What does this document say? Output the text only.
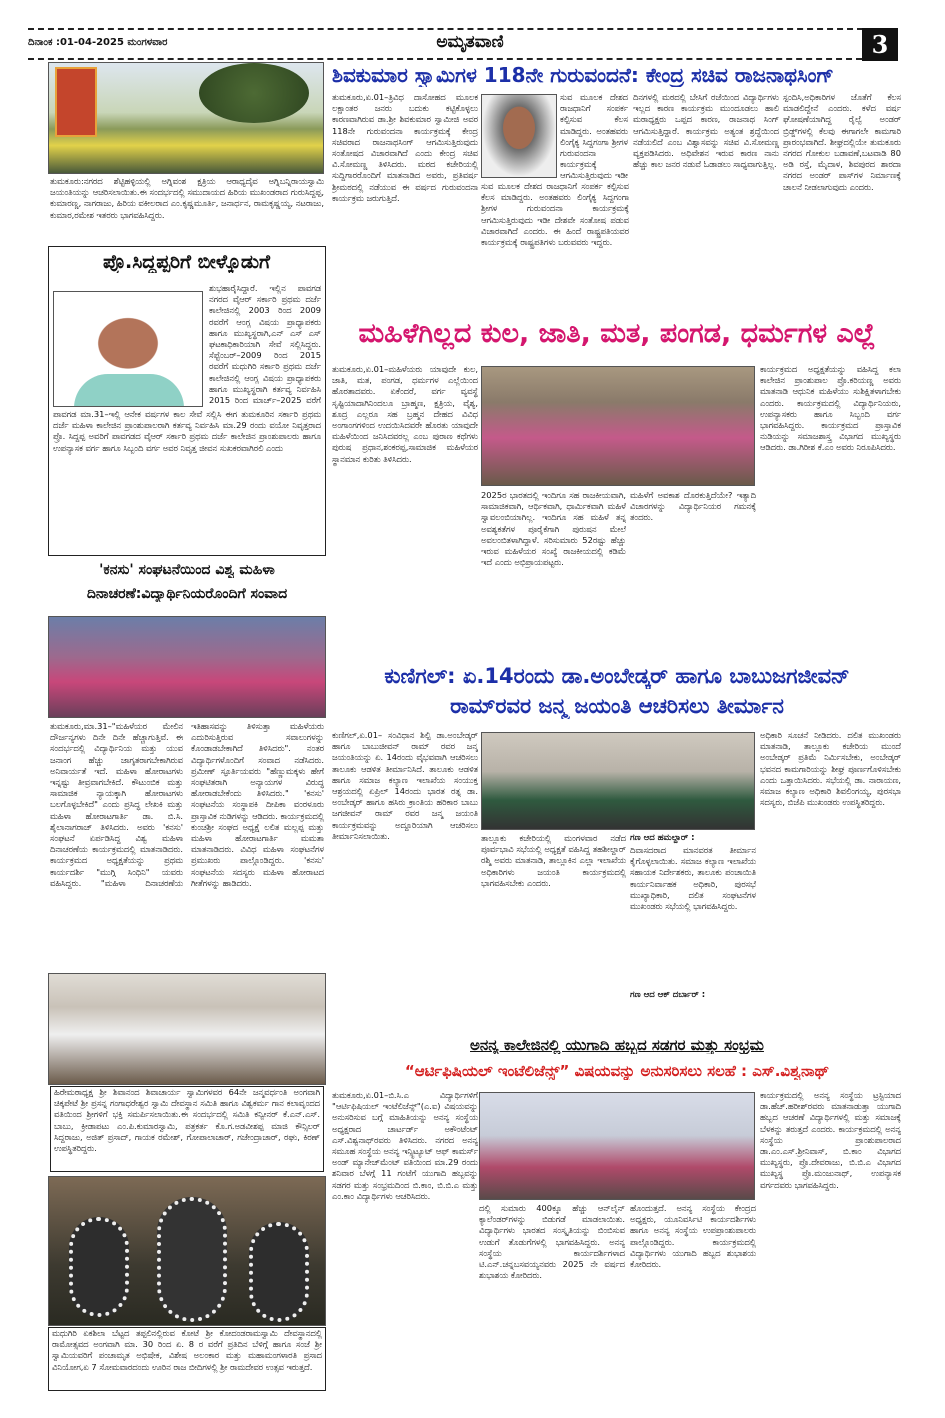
ದಿನಾಂಕ :01-04-2025 ಮಂಗಳವಾರ	ಅಮೃತವಾಣಿ	3
ತುಮಕೂರು:ನಗರದ ಶೆಟ್ಟಿಹಳ್ಳಿಯಲ್ಲಿ ಅಗ್ನಿವಂಶ ಕ್ಷತ್ರಿಯ ಆರಾಧ್ಯದೈವ ಅಗ್ನಿಬನ್ನಿರಾಯಸ್ವಾಮಿ ಜಯಂತಿಯನ್ನು ಆಚರಿಸಲಾಯಿತು.ಈ ಸಂದರ್ಭದಲ್ಲಿ ಸಮುದಾಯದ ಹಿರಿಯ ಮುಖಂಡರಾದ ಗುರುಸಿದ್ದಪ್ಪ, ಕುಮಾರಣ್ಣ, ನಾಗರಾಜು, ಹಿರಿಯ ವಕೀಲರಾದ ಎಂ.ಕೃಷ್ಣಮೂರ್ತಿ, ಜನಾರ್ಧನ, ರಾಮಕೃಷ್ಣಯ್ಯ, ನಟರಾಜು, ಕುಮಾರ,ರಮೇಶ ಇತರರು ಭಾಗವಹಿಸಿದ್ದರು.
ಪ್ರೊ.ಸಿದ್ದಪ್ಪರಿಗೆ ಬೀಳ್ಕೊಡುಗೆ
ಶುಭಹಾರೈಸಿದ್ದಾರೆ. ಇಲ್ಲಿನ ಪಾವಗಡ ನಗರದ ವೈಆರ್ ಸರ್ಕಾರಿ ಪ್ರಥಮ ದರ್ಜೆ ಕಾಲೇಜಿನಲ್ಲಿ 2003 ರಿಂದ 2009 ರವರೆಗೆ ಆಂಗ್ಲ ವಿಷಯ ಪ್ರಾಧ್ಯಾಪಕರು ಹಾಗೂ ಮುಖ್ಯಸ್ಥರಾಗಿ,ಎನ್ ಎಸ್ ಎಸ್ ಘಟಕಾಧಿಕಾರಿಯಾಗಿ ಸೇವೆ ಸಲ್ಲಿಸಿದ್ದರು. ಸೆಪ್ಟೆಂಬರ್–2009 ರಿಂದ 2015 ರವರೆಗೆ ಮಧುಗಿರಿ ಸರ್ಕಾರಿ ಪ್ರಥಮ ದರ್ಜೆ ಕಾಲೇಜಿನಲ್ಲಿ ಆಂಗ್ಲ ವಿಷಯ ಪ್ರಾಧ್ಯಾಪಕರು ಹಾಗೂ ಮುಖ್ಯಸ್ಥರಾಗಿ ಕರ್ತವ್ಯ ನಿರ್ವಹಿಸಿ 2015 ರಿಂದ ಮಾರ್ಚ್–2025 ವರೆಗೆ
ಪಾವಗಡ ಮಾ.31–ಇಲ್ಲಿ ಆನೇಕ ವರ್ಷಗಳ ಕಾಲ ಸೇವೆ ಸಲ್ಲಿಸಿ ಈಗ ತುಮಕೂರಿನ ಸರ್ಕಾರಿ ಪ್ರಥಮ ದರ್ಜೆ ಮಹಿಳಾ ಕಾಲೇಜಿನ ಪ್ರಾಂಶುಪಾಲರಾಗಿ ಕರ್ತವ್ಯ ನಿರ್ವಹಿಸಿ ಮಾ.29 ರಂದು ವಯೋ ನಿವೃತ್ತರಾದ ಪ್ರೊ. ಸಿದ್ದಪ್ಪ ಅವರಿಗೆ ಪಾವಗಡದ ವೈಆರ್ ಸರ್ಕಾರಿ ಪ್ರಥಮ ದರ್ಜೆ ಕಾಲೇಜಿನ ಪ್ರಾಂಶುಪಾಲರು ಹಾಗೂ ಉಪನ್ಯಾಸಕ ವರ್ಗ ಹಾಗೂ ಸಿಬ್ಬಂದಿ ವರ್ಗ ಅವರ ನಿವೃತ್ತ ಜೀವನ ಸುಖಕರವಾಗಿರಲಿ ಎಂದು
'ಕನಸು' ಸಂಘಟನೆಯಿಂದ ವಿಶ್ವ ಮಹಿಳಾ
ದಿನಾಚರಣೆ:ವಿದ್ಯಾರ್ಥಿನಿಯರೊಂದಿಗೆ ಸಂವಾದ
ತುಮಕೂರು,ಮಾ.31–"ಮಹಿಳೆಯರ ಮೇಲಿನ ದೌರ್ಜನ್ಯಗಳು ದಿನೇ ದಿನೇ ಹೆಚ್ಚಾಗುತ್ತಿವೆ. ಈ ಸಂದರ್ಭದಲ್ಲಿ ವಿದ್ಯಾರ್ಥಿನಿಯ ಮತ್ತು ಯುವ ಜನಾಂಗ ಹೆಚ್ಚು ಜಾಗೃತರಾಗಬೇಕಾಗಿರುವ ಅನಿವಾರ್ಯತೆ ಇದೆ. ಮಹಿಳಾ ಹೋರಾಟಗಳು ಇನ್ನಷ್ಟು ತೀವ್ರವಾಗಬೇಕಿದೆ. ಕೌಟುಂಬಿಕ ಮತ್ತು ಸಾಮಾಜಿಕ ನ್ಯಾಯಕ್ಕಾಗಿ ಹೋರಾಟಗಳು ಬಲಗೊಳ್ಳಬೇಕಿದೆ" ಎಂದು ಪ್ರಸಿದ್ಧ ಲೇಖಕಿ ಮತ್ತು ಮಹಿಳಾ ಹೋರಾಟಗಾರ್ತಿ ಡಾ. ಬಿ.ಸಿ. ಶೈಲಾನಾಗರಾಜ್ ತಿಳಿಸಿದರು. ಅವರು 'ಕನಸು' ಸಂಘಟನೆ ಏರ್ಪಡಿಸಿದ್ದ ವಿಶ್ವ ಮಹಿಳಾ ದಿನಾಚರಣೆಯ ಕಾರ್ಯಕ್ರಮದಲ್ಲಿ ಮಾತನಾಡಿದರು. ಕಾರ್ಯಕ್ರಮದ ಅಧ್ಯಕ್ಷತೆಯನ್ನು ಪ್ರಥಮ ಕಾರ್ಯದರ್ಶಿ "ಮುಗ್ಗಿ ಸಿಂಧಿನಿ" ಯವರು ವಹಿಸಿದ್ದರು. "ಮಹಿಳಾ ದಿನಾಚರಣೆಯ ಇತಿಹಾಸವನ್ನು ತಿಳಿಸುತ್ತಾ ಮಹಿಳೆಯರು ಎದುರಿಸುತ್ತಿರುವ ಸವಾಲುಗಳನ್ನು ಕೊಂಡಾಡಬೇಕಾಗಿದೆ ತಿಳಿಸಿದರು". ನಂತರ ವಿದ್ಯಾರ್ಥಿಗಳೊಂದಿಗೆ ಸಂವಾದ ನಡೆಸಿದರು. ಪ್ರಮೀಣ್ ಸ್ಫೂರ್ತಿಯವರು "ಹೆಣ್ಣುಮಕ್ಕಳು ಹೇಗೆ ಸಂಘಟಿತರಾಗಿ ಅನ್ಯಾಯಗಳ ವಿರುದ್ಧ ಹೋರಾಡಬೇಕೆಂದು ತಿಳಿಸಿದರು." 'ಕನಸು' ಸಂಘಟನೆಯ ಸಂಸ್ಥಾಪಕಿ ದೀಪಿಕಾ ವಂರಳೂರು ಪ್ರಾಸ್ತಾವಿಕ ನುಡಿಗಳನ್ನು ಆಡಿದರು. ಕಾರ್ಯಕ್ರಮದಲ್ಲಿ ಕುಂಚಶ್ರೀ ಸಂಘದ ಅಧ್ಯಕ್ಷೆ ಲಲಿತ ಮಲ್ಲಪ್ಪ ಮತ್ತು ಮಹಿಳಾ ಹೋರಾಟಗಾರ್ತಿ ಮಮತಾ ಮಾತನಾಡಿದರು. ವಿವಿಧ ಮಹಿಳಾ ಸಂಘಟನೆಗಳ ಪ್ರಮುಖರು ಪಾಲ್ಗೊಂಡಿದ್ದರು. 'ಕನಸು' ಸಂಘಟನೆಯ ಸದಸ್ಯರು ಮಹಿಳಾ ಹೋರಾಟದ ಗೀತೆಗಳನ್ನು ಹಾಡಿದರು.
ಹಿರೇಮಠಾಧ್ಯಕ್ಷ ಶ್ರೀ ಶಿವಾನಂದ ಶಿವಾಚಾರ್ಯ ಸ್ವಾಮಿಗಳವರ 64ನೇ ಜನ್ಮವರ್ಧಂತಿ ಅಂಗವಾಗಿ ಚಿಕ್ಕಪೇಟೆ ಶ್ರೀ ಪ್ರಸನ್ನ ಗಂಗಾಧರೇಶ್ವರ ಸ್ವಾಮಿ ದೇವಸ್ಥಾನ ಸಮಿತಿ ಹಾಗೂ ವಿಶ್ವಕರ್ಮ ಗಾನ ಕಲಾವೃಂದದ ವತಿಯಿಂದ ಶ್ರೀಗಳಿಗೆ ಭಕ್ತಿ ಸಮರ್ಪಿಸಲಾಯಿತು.ಈ ಸಂದರ್ಭದಲ್ಲಿ ಸಮಿತಿ ಕನ್ವೀನರ್ ಕೆ.ಎನ್.ಎಸ್. ಬಾಬು, ಕ್ರೀಡಾಪಟು ಎಂ.ಪಿ.ಕುಮಾರಸ್ವಾಮಿ, ಪತ್ರಕರ್ತ ಕೊ.ಗ.ಅಡವೀಶಪ್ಪ ಮಾಜಿ ಕೌನ್ಸಿಲರ್ ಸಿದ್ದರಾಜು, ಅಜಿತ್ ಪ್ರಸಾದ್, ಗಾಯಕ ರಮೇಶ್, ಗೋಪಾಲಾಚಾರ್, ಗಜೇಂದ್ರಾಚಾರ್, ರಘು, ಕಿರಣ್ ಉಪಸ್ಥಿತರಿದ್ದರು.
ಮಧುಗಿರಿ ಏಕಶಿಲಾ ಬೆಟ್ಟದ ತಪ್ಪಲಿನಲ್ಲಿರುವ ಕೋಟೆ ಶ್ರೀ ಕೋದಂಡರಾಮಸ್ವಾಮಿ ದೇವಸ್ಥಾನದಲ್ಲಿ ರಾಮೋತ್ಸವದ ಅಂಗವಾಗಿ ಮಾ. 30 ರಿಂದ ಏ. 8 ರ ವರೆಗೆ ಪ್ರತಿದಿನ ಬೆಳಿಗ್ಗೆ ಹಾಗೂ ಸಂಜೆ ಶ್ರೀ ಸ್ವಾಮಿಯವರಿಗೆ ಪಂಚಾಮೃತ ಅಭಿಷೇಕ, ವಿಶೇಷ ಅಲಂಕಾರ ಮತ್ತು ಮಹಾಮಂಗಳಾರತಿ ಪ್ರಸಾದ ವಿನಿಯೋಗ,ಏ 7 ಸೋಮವಾರದಂದು ಊರಿನ ರಾಜ ಬೀದಿಗಳಲ್ಲಿ ಶ್ರೀ ರಾಮದೇವರ ಉತ್ಸವ ಇರುತ್ತದೆ.
ಶಿವಕುಮಾರ ಸ್ವಾಮಿಗಳ 118ನೇ ಗುರುವಂದನೆ: ಕೇಂದ್ರ ಸಚಿವ ರಾಜನಾಥಸಿಂಗ್
ತುಮಕೂರು,ಏ.01–ತ್ರಿವಿಧ ದಾಸೋಹದ ಮೂಲಕ ಲಕ್ಷಾಂತರ ಜನರು ಬದುಕು ಕಟ್ಟಿಕೊಳ್ಳಲು ಕಾರಣವಾಗಿರುವ ಡಾ.ಶ್ರೀ ಶಿವಕುಮಾರ ಸ್ವಾಮೀಜಿ ಅವರ 118ನೇ ಗುರುವಂದನಾ ಕಾರ್ಯಕ್ರಮಕ್ಕೆ ಕೇಂದ್ರ ಸಚಿವರಾದ ರಾಜನಾಥಸಿಂಗ್ ಆಗಮಿಸುತ್ತಿರುವುದು ಸಂತೋಷದ ವಿಚಾರವಾಗಿದೆ ಎಂದು ಕೇಂದ್ರ ಸಚಿವ ವಿ.ಸೋಮಣ್ಣ ತಿಳಿಸಿದರು. ಮಠದ ಕಚೇರಿಯಲ್ಲಿ ಸುದ್ದಿಗಾರರೊಂದಿಗೆ ಮಾತನಾಡಿದ ಅವರು, ಪ್ರತಿವರ್ಷ ಶ್ರೀಮಠದಲ್ಲಿ ನಡೆಯುವ ಈ ವರ್ಷದ ಗುರುವಂದನಾ ಕಾರ್ಯಕ್ರಮ ಜರುಗುತ್ತಿದೆ.
ಸುವ ಮೂಲಕ ದೇಶದ ರಾಜಧಾನಿಗೆ ಸಂಪರ್ಕ ಕಲ್ಪಿಸುವ ಕೆಲಸ ಮಾಡಿದ್ದರು. ಅಂತಹವರು ಲಿಂಗೈಕ್ಯ ಸಿದ್ದಗಂಗಾ ಶ್ರೀಗಳ ಗುರುವಂದನಾ ಕಾರ್ಯಕ್ರಮಕ್ಕೆ ಆಗಮಿಸುತ್ತಿರುವುದು ಇಡೀ
ಸುವ ಮೂಲಕ ದೇಶದ ರಾಜಧಾನಿಗೆ ಸಂಪರ್ಕ ಕಲ್ಪಿಸುವ ಕೆಲಸ ಮಾಡಿದ್ದರು. ಅಂತಹವರು ಲಿಂಗೈಕ್ಯ ಸಿದ್ದಗಂಗಾ ಶ್ರೀಗಳ ಗುರುವಂದನಾ ಕಾರ್ಯಕ್ರಮಕ್ಕೆ ಆಗಮಿಸುತ್ತಿರುವುದು ಇಡೀ ದೇಶವೇ ಸಂತೋಷ ಪಡುವ ವಿಚಾರವಾಗಿದೆ ಎಂದರು. ಈ ಹಿಂದೆ ರಾಷ್ಟ್ರಪತಿಯವರ ಕಾರ್ಯಕ್ರಮಕ್ಕೆ ರಾಷ್ಟ್ರಪತಿಗಳು ಬರುವವರು ಇದ್ದರು.
ದಿನಗಳಲ್ಲಿ ಮಠದಲ್ಲಿ ಬೇಸಿಗೆ ರಜೆಯಿಂದ ವಿದ್ಯಾರ್ಥಿಗಳು ಇಲ್ಲದ ಕಾರಣ ಕಾರ್ಯಕ್ರಮ ಮುಂದೂಡಲು ಹಾಲಿ ಮಠಾಧ್ಯಕ್ಷರು ಒಪ್ಪದ ಕಾರಣ, ರಾಜನಾಥ ಸಿಂಗ್ ಆಗಮಿಸುತ್ತಿದ್ದಾರೆ. ಕಾರ್ಯಕ್ರಮ ಅತ್ಯಂತ ಶ್ರದ್ಧೆಯಿಂದ ನಡೆಯಲಿದೆ ಎಂಬ ವಿಶ್ವಾಸವನ್ನು ಸಚಿವ ವಿ.ಸೋಮಣ್ಣ ವ್ಯಕ್ತಪಡಿಸಿದರು. ಅಧಿವೇಶನ ಇರುವ ಕಾರಣ ನಾನು ಹೆಚ್ಚು ಕಾಲ ಜನರ ನಡುವೆ ಓಡಾಡಲು ಸಾಧ್ಯವಾಗುತ್ತಿಲ್ಲ.
ಸ್ಪಂದಿಸಿ,ಅಧಿಕಾರಿಗಳ ಜೊತೆಗೆ ಕೆಲಸ ಮಾಡಲಿದ್ದೇನೆ ಎಂದರು. ಕಳೆದ ವರ್ಷ ಘೋಷಣೆಯಾಗಿದ್ದ ರೈಲ್ವೆ ಅಂಡರ್ ಬ್ರಿಡ್ಜ್‌ಗಳಲ್ಲಿ ಕೆಲವು ಈಗಾಗಲೇ ಕಾಮಗಾರಿ ಪ್ರಾರಂಭವಾಗಿದೆ. ಶೀಘ್ರದಲ್ಲಿಯೇ ತುಮಕೂರು ನಗರದ ಗೋಕುಲ ಬಡಾವಣೆ,ಬಟವಾಡಿ 80 ಅಡಿ ರಸ್ತೆ, ಮೈದಾಳ, ಶಿವಪುರದ ಶಾರದಾ ನಗರದ ಅಂಡರ್ ಪಾಸ್‌ಗಳ ನಿರ್ಮಾಣಕ್ಕೆ ಚಾಲನೆ ನೀಡಲಾಗುವುದು ಎಂದರು.
ಮಹಿಳೆಗಿಲ್ಲದ ಕುಲ, ಜಾತಿ, ಮತ, ಪಂಗಡ, ಧರ್ಮಗಳ ಎಲ್ಲೆ
ತುಮಕೂರು,ಏ.01–ಮಹಿಳೆಯರು ಯಾವುದೇ ಕುಲ, ಜಾತಿ, ಮತ, ಪಂಗಡ, ಧರ್ಮಗಳ ಎಲ್ಲೆಯಿಂದ ಹೊರತಾದವರು. ಏಕೆಂದರೆ, ವರ್ಗ ವ್ಯವಸ್ಥೆ ಸೃಷ್ಟಿಯಾದಾಗಿನಿಂದಲೂ ಬ್ರಾಹ್ಮಣ, ಕ್ಷತ್ರಿಯ, ವೈಶ್ಯ, ಶೂದ್ರ ಎಲ್ಲರೂ ಸಹ ಬ್ರಹ್ಮನ ದೇಹದ ವಿವಿಧ ಅಂಗಾಂಗಗಳಿಂದ ಉದಯಿಸಿದವರೇ ಹೊರತು ಯಾವುದೇ ಮಹಿಳೆಯಿಂದ ಜನಿಸಿದವರಲ್ಲ ಎಂಬ ಪುರಾಣ ಕಥೆಗಳು ಪುರುಷ ಪ್ರಧಾನ,ಶಂಕರಪ್ಪ,ಸಾಮಾಜಿಕ ಮಹಿಳೆಯರ ಸ್ಥಾನಮಾನ ಕುರಿತು ತಿಳಿಸಿದರು.
2025ರ ಭಾರತದಲ್ಲಿ ಇಂದಿಗೂ ಸಹ ರಾಜಕೀಯವಾಗಿ, ಸಾಮಾಜಿಕವಾಗಿ, ಆರ್ಥಿಕವಾಗಿ, ಧಾರ್ಮಿಕವಾಗಿ ಮಹಿಳೆ ಸ್ವಾವಲಂಬಿಯಾಗಿಲ್ಲ. ಇಂದಿಗೂ ಸಹ ಮಹಿಳೆ ತನ್ನ ಅವಶ್ಯಕತೆಗಳ ಪೂರೈಕೆಗಾಗಿ ಪುರುಷನ ಮೇಲೆ ಅವಲಂಬಿತಳಾಗಿದ್ದಾಳೆ. ಸರಿಸುಮಾರು 52ರಷ್ಟು ಹೆಚ್ಚು ಇರುವ ಮಹಿಳೆಯರ ಸಂಖ್ಯೆ ರಾಜಕೀಯದಲ್ಲಿ ಕಡಿಮೆ ಇದೆ ಎಂದು ಅಭಿಪ್ರಾಯಪಟ್ಟರು.
ಮಹಿಳೆಗೆ ಅವಕಾಶ ದೊರಕುತ್ತಿದೆಯೇ? ಇತ್ಯಾದಿ ವಿಚಾರಗಳನ್ನು ವಿದ್ಯಾರ್ಥಿನಿಯರ ಗಮನಕ್ಕೆ ತಂದರು.
ಕಾರ್ಯಕ್ರಮದ ಅಧ್ಯಕ್ಷತೆಯನ್ನು ವಹಿಸಿದ್ದ ಕಲಾ ಕಾಲೇಜಿನ ಪ್ರಾಂಶುಪಾಲ ಪ್ರೊ.ಕರಿಯಣ್ಣ ಅವರು ಮಾತನಾಡಿ ಆಧುನಿಕ ಮಹಿಳೆಯು ಸುಶಿಕ್ಷಿತಳಾಗಬೇಕು ಎಂದರು. ಕಾರ್ಯಕ್ರಮದಲ್ಲಿ ವಿದ್ಯಾರ್ಥಿನಿಯರು, ಉಪನ್ಯಾಸಕರು ಹಾಗೂ ಸಿಬ್ಬಂದಿ ವರ್ಗ ಭಾಗವಹಿಸಿದ್ದರು. ಕಾರ್ಯಕ್ರಮದ ಪ್ರಾಸ್ತಾವಿಕ ನುಡಿಯನ್ನು ಸಮಾಜಶಾಸ್ತ್ರ ವಿಭಾಗದ ಮುಖ್ಯಸ್ಥರು ಆಡಿದರು. ಡಾ.ಗಿರೀಶ ಕೆ.ಎಂ ಅವರು ನಿರೂಪಿಸಿದರು.
ಕುಣಿಗಲ್: ಏ.14ರಂದು ಡಾ.ಅಂಬೇಡ್ಕರ್ ಹಾಗೂ ಬಾಬುಜಗಜೀವನ್
ರಾಮ್‌ರವರ ಜನ್ಮ ಜಯಂತಿ ಆಚರಿಸಲು ತೀರ್ಮಾನ
ಕುಣಿಗಲ್,ಏ.01– ಸಂವಿಧಾನ ಶಿಲ್ಪಿ ಡಾ.ಅಂಬೇಡ್ಕರ್ ಹಾಗೂ ಬಾಬುಜೀವನ್ ರಾಮ್ ರವರ ಜನ್ಮ ಜಯಂತಿಯನ್ನು ಏ. 14ರಂದು ವೈಭವವಾಗಿ ಆಚರಿಸಲು ತಾಲೂಕು ಆಡಳಿತ ತೀರ್ಮಾನಿಸಿದೆ. ತಾಲೂಕು ಆಡಳಿತ ಹಾಗೂ ಸಮಾಜ ಕಲ್ಯಾಣ ಇಲಾಖೆಯ ಸಂಯುಕ್ತ ಆಶ್ರಯದಲ್ಲಿ ಏಪ್ರಿಲ್ 14ರಂದು ಭಾರತ ರತ್ನ ಡಾ. ಅಂಬೇಡ್ಕರ್ ಹಾಗೂ ಹಸಿರು ಕ್ರಾಂತಿಯ ಹರಿಕಾರ ಬಾಬು ಜಗಜೀವನ್ ರಾಮ್ ರವರ ಜನ್ಮ ಜಯಂತಿ ಕಾರ್ಯಕ್ರಮವನ್ನು ಅದ್ದೂರಿಯಾಗಿ ಆಚರಿಸಲು ತೀರ್ಮಾನಿಸಲಾಯಿತು.	ತಾಲ್ಲೂಕು ಕಚೇರಿಯಲ್ಲಿ ಮಂಗಳವಾರ ನಡೆದ ಪೂರ್ವಭಾವಿ ಸಭೆಯಲ್ಲಿ ಅಧ್ಯಕ್ಷತೆ ವಹಿಸಿದ್ದ ತಹಶೀಲ್ದಾರ್ ರಶ್ಮಿ ಅವರು ಮಾತನಾಡಿ, ತಾಲ್ಲೂಕಿನ ಎಲ್ಲಾ ಇಲಾಖೆಯ ಅಧಿಕಾರಿಗಳು ಜಯಂತಿ ಕಾರ್ಯಕ್ರಮದಲ್ಲಿ ಭಾಗವಹಿಸಬೇಕು ಎಂದರು.
ಗಣ ಆದ ಹಮಲ್ದಾರ್ :
ದಿವಾಸದರಾದ ಮಾನವರತ ತೀರ್ಮಾನ ಕೈಗೊಳ್ಳಲಾಯಿತು. ಸಮಾಜ ಕಲ್ಯಾಣ ಇಲಾಖೆಯ ಸಹಾಯಕ ನಿರ್ದೇಶಕರು, ತಾಲೂಕು ಪಂಚಾಯಿತಿ ಕಾರ್ಯನಿರ್ವಾಹಕ ಅಧಿಕಾರಿ, ಪುರಸಭೆ ಮುಖ್ಯಾಧಿಕಾರಿ, ದಲಿತ ಸಂಘಟನೆಗಳ ಮುಖಂಡರು ಸಭೆಯಲ್ಲಿ ಭಾಗವಹಿಸಿದ್ದರು.
ಗಣ ಆದ ಆಕ್ ದರ್ಬಾರ್ :
ಅಧಿಕಾರಿ ಸೂಚನೆ ನೀಡಿದರು. ದಲಿತ ಮುಖಂಡರು ಮಾತನಾಡಿ, ತಾಲ್ಲೂಕು ಕಚೇರಿಯ ಮುಂದೆ ಅಂಬೇಡ್ಕರ್ ಪ್ರತಿಮೆ ನಿರ್ಮಿಸಬೇಕು, ಅಂಬೇಡ್ಕರ್ ಭವನದ ಕಾಮಗಾರಿಯನ್ನು ಶೀಘ್ರ ಪೂರ್ಣಗೊಳಿಸಬೇಕು ಎಂದು ಒತ್ತಾಯಿಸಿದರು. ಸಭೆಯಲ್ಲಿ ಡಾ. ನಾರಾಯಣ, ಸಮಾಜ ಕಲ್ಯಾಣ ಅಧಿಕಾರಿ ಶಿವಲಿಂಗಯ್ಯ, ಪುರಸಭಾ ಸದಸ್ಯರು, ಬಿಜೆಪಿ ಮುಖಂಡರು ಉಪಸ್ಥಿತರಿದ್ದರು.
ಅನನ್ಯ ಕಾಲೇಜಿನಲ್ಲಿ ಯುಗಾದಿ ಹಬ್ಬದ ಸಡಗರ ಮತ್ತು ಸಂಭ್ರಮ
“ಆರ್ಟಿಫಿಷಿಯಲ್ ಇಂಟೆಲಿಜೆನ್ಸ್” ವಿಷಯವನ್ನು ಅನುಸರಿಸಲು ಸಲಹೆ : ಎಸ್.ವಿಶ್ವನಾಥ್
ತುಮಕೂರು,ಏ.01–ಬಿ.ಸಿ.ಎ ವಿದ್ಯಾರ್ಥಿಗಳಿಗೆ "ಆರ್ಟಿಫಿಷಿಯಲ್ ಇಂಟೆಲಿಜೆನ್ಸ್"(ಎ.ಐ) ವಿಷಯವನ್ನು ಅನುಸರಿಸುವ ಬಗ್ಗೆ ಮಾಹಿತಿಯನ್ನು ಅನನ್ಯ ಸಂಸ್ಥೆಯ ಅಧ್ಯಕ್ಷರಾದ ಚಾರ್ಟರ್ಡ್ ಅಕೌಂಟೆಂಟ್ ಎಸ್.ವಿಶ್ವನಾಥ್‌ರವರು ತಿಳಿಸಿದರು. ನಗರದ ಅನನ್ಯ ಸಮೂಹ ಸಂಸ್ಥೆಯ ಅನನ್ಯ ಇನ್ಸ್ಟಿಟ್ಯೂಟ್ ಆಫ್ ಕಾಮರ್ಸ್ ಅಂಡ್ ಮ್ಯಾನೇಜ್‌ಮೆಂಟ್ ವತಿಯಿಂದ ಮಾ.29 ರಂದು ಶನಿವಾರ ಬೆಳಗ್ಗೆ 11 ಗಂಟೆಗೆ ಯುಗಾದಿ ಹಬ್ಬವನ್ನು ಸಡಗರ ಮತ್ತು ಸಂಭ್ರಮದಿಂದ ಬಿ.ಕಾಂ, ಬಿ.ಬಿ.ಎ ಮತ್ತು ಎಂ.ಕಾಂ ವಿದ್ಯಾರ್ಥಿಗಳು ಆಚರಿಸಿದರು.
ದಲ್ಲಿ ಸುಮಾರು 400ಕ್ಕೂ ಹೆಚ್ಚು ಆನ್‌ಲೈನ್ ಕ್ಯಾಲೆಂಡರ್‌ಗಳನ್ನು ಬಿಡುಗಡೆ ಮಾಡಲಾಯಿತು. ವಿದ್ಯಾರ್ಥಿಗಳು ಭಾರತದ ಸಂಸ್ಕೃತಿಯನ್ನು ಬಿಂಬಿಸುವ ಉಡುಗೆ ತೊಡುಗೆಗಳಲ್ಲಿ ಭಾಗವಹಿಸಿದ್ದರು. ಅನನ್ಯ ಸಂಸ್ಥೆಯ ಕಾರ್ಯದರ್ಶಿಗಳಾದ ಟಿ.ಎನ್.ಚನ್ನಬಸವಯ್ಯನವರು 2025 ನೇ ವರ್ಷದ ಶುಭಾಶಯ ಕೋರಿದರು.
ಹೊಂದುತ್ತದೆ. ಅನನ್ಯ ಸಂಸ್ಥೆಯ ಕೇಂದ್ರದ ಅಧ್ಯಕ್ಷರು, ಯೂನಿವರ್ಸಿಟಿ ಕಾರ್ಯದರ್ಶಿಗಳು ಹಾಗೂ ಅನನ್ಯ ಸಂಸ್ಥೆಯ ಉಪಪ್ರಾಂಶುಪಾಲರು ಪಾಲ್ಗೊಂಡಿದ್ದರು. ಕಾರ್ಯಕ್ರಮದಲ್ಲಿ ವಿದ್ಯಾರ್ಥಿಗಳು ಯುಗಾದಿ ಹಬ್ಬದ ಶುಭಾಶಯ ಕೋರಿದರು.
ಕಾರ್ಯಕ್ರಮದಲ್ಲಿ ಅನನ್ಯ ಸಂಸ್ಥೆಯ ಟ್ರಸ್ಟಿಯಾದ ಡಾ.ಹೆಚ್.ಹರೀಶ್‌ರವರು ಮಾತನಾಡುತ್ತಾ ಯುಗಾದಿ ಹಬ್ಬದ ಆಚರಣೆ ವಿದ್ಯಾರ್ಥಿಗಳಲ್ಲಿ ಮತ್ತು ಸಮಾಜಕ್ಕೆ ಬೆಳಕನ್ನು ತರುತ್ತದೆ ಎಂದರು. ಕಾರ್ಯಕ್ರಮದಲ್ಲಿ ಅನನ್ಯ ಸಂಸ್ಥೆಯ ಪ್ರಾಂಶುಪಾಲರಾದ ಡಾ.ಎಂ.ಎಸ್.ಶ್ರೀನಿವಾಸ್, ಬಿ.ಕಾಂ ವಿಭಾಗದ ಮುಖ್ಯಸ್ಥರು, ಪ್ರೊ.ದೇವರಾಜು, ಬಿ.ಬಿ.ಎ ವಿಭಾಗದ ಮುಖ್ಯಸ್ಥ ಪ್ರೊ.ಮಂಜುನಾಥ್, ಉಪನ್ಯಾಸಕ ವರ್ಗದವರು ಭಾಗವಹಿಸಿದ್ದರು.
